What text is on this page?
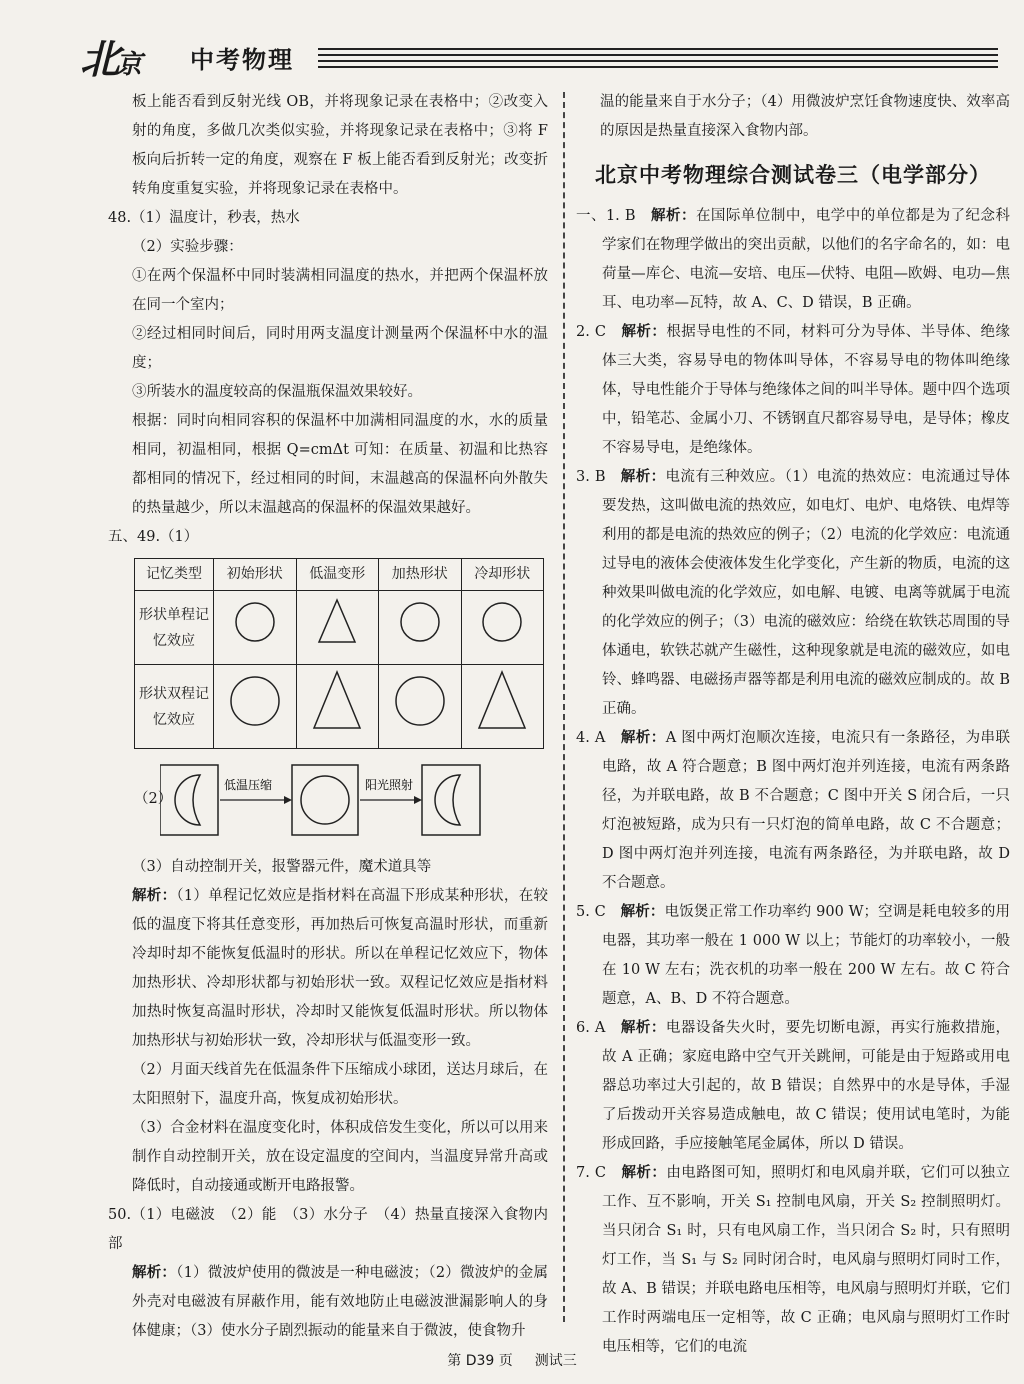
北京 中考物理

板上能否看到反射光线 OB，并将现象记录在表格中；②改变入射的角度，多做几次类似实验，并将现象记录在表格中；③将 F 板向后折转一定的角度，观察在 F 板上能否看到反射光；改变折转角度重复实验，并将现象记录在表格中。

48.（1）温度计，秒表，热水

（2）实验步骤：

①在两个保温杯中同时装满相同温度的热水，并把两个保温杯放在同一个室内；

②经过相同时间后，同时用两支温度计测量两个保温杯中水的温度；

③所装水的温度较高的保温瓶保温效果较好。

根据：同时向相同容积的保温杯中加满相同温度的水，水的质量相同，初温相同，根据 Q=cmΔt 可知：在质量、初温和比热容都相同的情况下，经过相同的时间，末温越高的保温杯向外散失的热量越少，所以末温越高的保温杯的保温效果越好。

五、49.（1）

记忆类型	初始形状	低温变形	加热形状	冷却形状
形状单程记忆效应				
形状双程记忆效应				
（2）
低温压缩	阳光照射

（3）自动控制开关，报警器元件，魔术道具等

解析：（1）单程记忆效应是指材料在高温下形成某种形状，在较低的温度下将其任意变形，再加热后可恢复高温时形状，而重新冷却时却不能恢复低温时的形状。所以在单程记忆效应下，物体加热形状、冷却形状都与初始形状一致。双程记忆效应是指材料加热时恢复高温时形状，冷却时又能恢复低温时形状。所以物体加热形状与初始形状一致，冷却形状与低温变形一致。

（2）月面天线首先在低温条件下压缩成小球团，送达月球后，在太阳照射下，温度升高，恢复成初始形状。

（3）合金材料在温度变化时，体积成倍发生变化，所以可以用来制作自动控制开关，放在设定温度的空间内，当温度异常升高或降低时，自动接通或断开电路报警。

50.（1）电磁波　（2）能　（3）水分子　（4）热量直接深入食物内部

解析：（1）微波炉使用的微波是一种电磁波；（2）微波炉的金属外壳对电磁波有屏蔽作用，能有效地防止电磁波泄漏影响人的身体健康；（3）使水分子剧烈振动的能量来自于微波，使食物升

温的能量来自于水分子；（4）用微波炉烹饪食物速度快、效率高的原因是热量直接深入食物内部。

北京中考物理综合测试卷三（电学部分）

一、1. B　 解析：在国际单位制中，电学中的单位都是为了纪念科学家们在物理学做出的突出贡献，以他们的名字命名的，如：电荷量—库仑、电流—安培、电压—伏特、电阻—欧姆、电功—焦耳、电功率—瓦特，故 A、C、D 错误，B 正确。

2. C　 解析：根据导电性的不同，材料可分为导体、半导体、绝缘体三大类，容易导电的物体叫导体，不容易导电的物体叫绝缘体，导电性能介于导体与绝缘体之间的叫半导体。题中四个选项中，铅笔芯、金属小刀、不锈钢直尺都容易导电，是导体；橡皮不容易导电，是绝缘体。

3. B　 解析：电流有三种效应。（1）电流的热效应：电流通过导体要发热，这叫做电流的热效应，如电灯、电炉、电烙铁、电焊等利用的都是电流的热效应的例子；（2）电流的化学效应：电流通过导电的液体会使液体发生化学变化，产生新的物质，电流的这种效果叫做电流的化学效应，如电解、电镀、电离等就属于电流的化学效应的例子；（3）电流的磁效应：给绕在软铁芯周围的导体通电，软铁芯就产生磁性，这种现象就是电流的磁效应，如电铃、蜂鸣器、电磁扬声器等都是利用电流的磁效应制成的。故 B 正确。

4. A　 解析：A 图中两灯泡顺次连接，电流只有一条路径，为串联电路，故 A 符合题意；B 图中两灯泡并列连接，电流有两条路径，为并联电路，故 B 不合题意；C 图中开关 S 闭合后，一只灯泡被短路，成为只有一只灯泡的简单电路，故 C 不合题意；D 图中两灯泡并列连接，电流有两条路径，为并联电路，故 D 不合题意。

5. C　 解析：电饭煲正常工作功率约 900 W；空调是耗电较多的用电器，其功率一般在 1 000 W 以上；节能灯的功率较小，一般在 10 W 左右；洗衣机的功率一般在 200 W 左右。故 C 符合题意，A、B、D 不符合题意。

6. A　 解析：电器设备失火时，要先切断电源，再实行施救措施，故 A 正确；家庭电路中空气开关跳闸，可能是由于短路或用电器总功率过大引起的，故 B 错误；自然界中的水是导体，手湿了后拨动开关容易造成触电，故 C 错误；使用试电笔时，为能形成回路，手应接触笔尾金属体，所以 D 错误。

7. C　 解析：由电路图可知，照明灯和电风扇并联，它们可以独立工作、互不影响，开关 S₁ 控制电风扇，开关 S₂ 控制照明灯。当只闭合 S₁ 时，只有电风扇工作，当只闭合 S₂ 时，只有照明灯工作，当 S₁ 与 S₂ 同时闭合时，电风扇与照明灯同时工作，故 A、B 错误；并联电路电压相等，电风扇与照明灯并联，它们工作时两端电压一定相等，故 C 正确；电风扇与照明灯工作时电压相等，它们的电流

第 D39 页 测试三
